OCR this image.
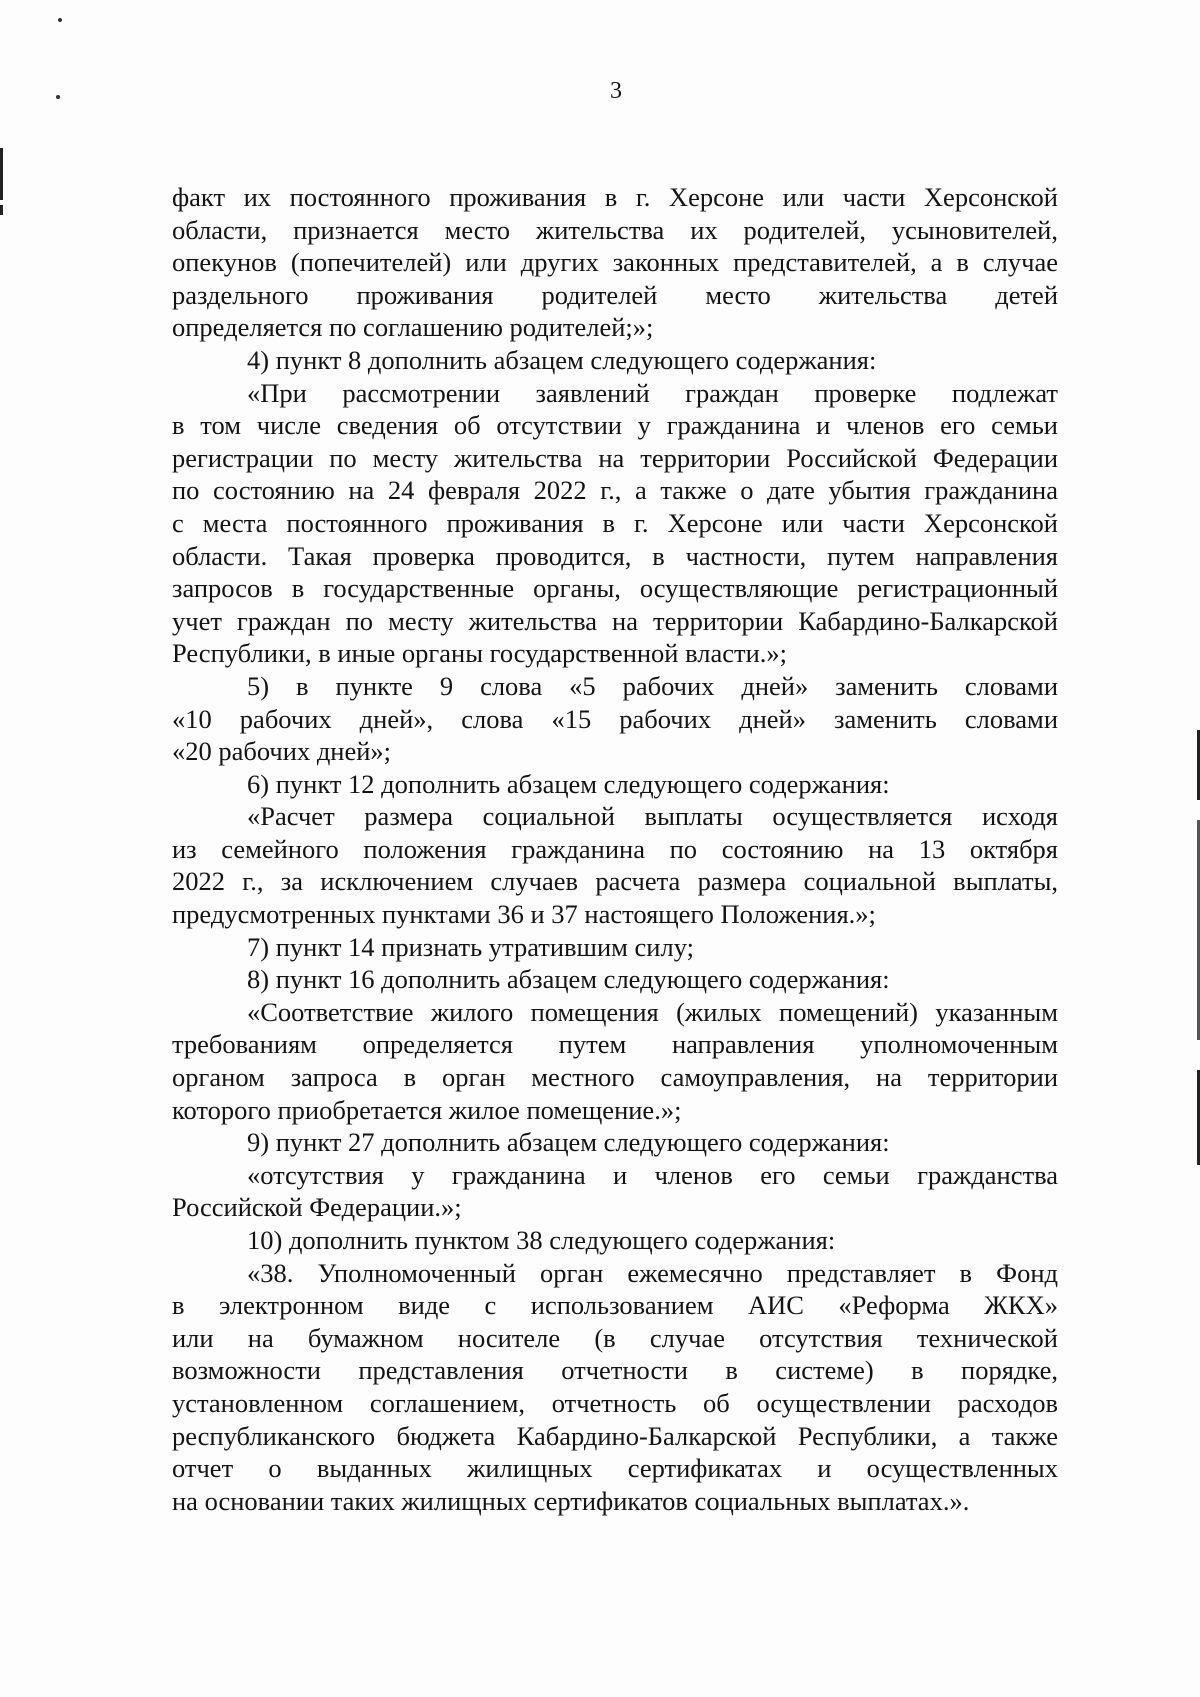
3
факт их постоянного проживания в г. Херсоне или части Херсонской
области, признается место жительства их родителей, усыновителей,
опекунов (попечителей) или других законных представителей, а в случае
раздельного проживания родителей место жительства детей
определяется по соглашению родителей;»;
4) пункт 8 дополнить абзацем следующего содержания:
«При рассмотрении заявлений граждан проверке подлежат
в том числе сведения об отсутствии у гражданина и членов его семьи
регистрации по месту жительства на территории Российской Федерации
по состоянию на 24 февраля 2022 г., а также о дате убытия гражданина
с места постоянного проживания в г. Херсоне или части Херсонской
области. Такая проверка проводится, в частности, путем направления
запросов в государственные органы, осуществляющие регистрационный
учет граждан по месту жительства на территории Кабардино-Балкарской
Республики, в иные органы государственной власти.»;
5) в пункте 9 слова «5 рабочих дней» заменить словами
«10 рабочих дней», слова «15 рабочих дней» заменить словами
«20 рабочих дней»;
6) пункт 12 дополнить абзацем следующего содержания:
«Расчет размера социальной выплаты осуществляется исходя
из семейного положения гражданина по состоянию на 13 октября
2022 г., за исключением случаев расчета размера социальной выплаты,
предусмотренных пунктами 36 и 37 настоящего Положения.»;
7) пункт 14 признать утратившим силу;
8) пункт 16 дополнить абзацем следующего содержания:
«Соответствие жилого помещения (жилых помещений) указанным
требованиям определяется путем направления уполномоченным
органом запроса в орган местного самоуправления, на территории
которого приобретается жилое помещение.»;
9) пункт 27 дополнить абзацем следующего содержания:
«отсутствия у гражданина и членов его семьи гражданства
Российской Федерации.»;
10) дополнить пунктом 38 следующего содержания:
«38. Уполномоченный орган ежемесячно представляет в Фонд
в электронном виде с использованием АИС «Реформа ЖКХ»
или на бумажном носителе (в случае отсутствия технической
возможности представления отчетности в системе) в порядке,
установленном соглашением, отчетность об осуществлении расходов
республиканского бюджета Кабардино-Балкарской Республики, а также
отчет о выданных жилищных сертификатах и осуществленных
на основании таких жилищных сертификатов социальных выплатах.».
